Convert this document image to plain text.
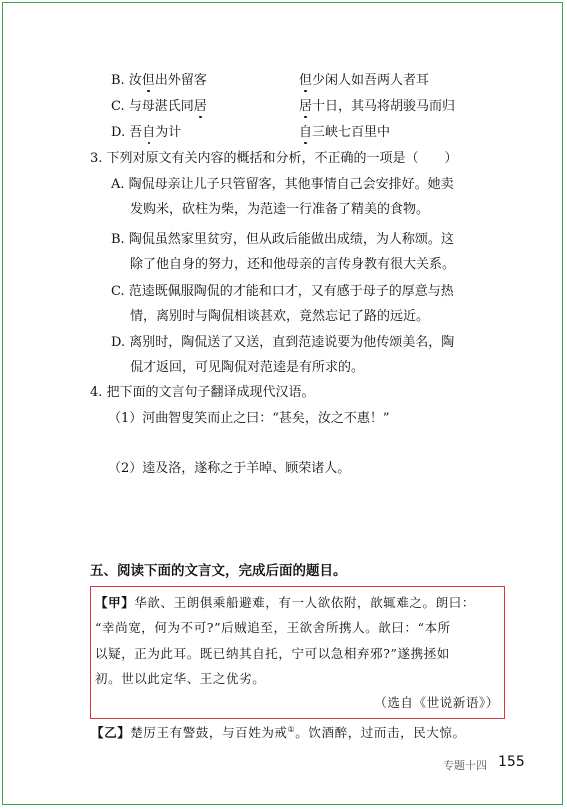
B. 汝但出外留客	但少闲人如吾两人者耳
C. 与母湛氏同居	居十日，其马将胡骏马而归
D. 吾自为计	自三峡七百里中
3. 下列对原文有关内容的概括和分析，不正确的一项是（　　）
A. 陶侃母亲让儿子只管留客，其他事情自己会安排好。她卖
发购米，砍柱为柴，为范逵一行准备了精美的食物。
B. 陶侃虽然家里贫穷，但从政后能做出成绩，为人称颂。这
除了他自身的努力，还和他母亲的言传身教有很大关系。
C. 范逵既佩服陶侃的才能和口才，又有感于母子的厚意与热
情，离别时与陶侃相谈甚欢，竟然忘记了路的远近。
D. 离别时，陶侃送了又送，直到范逵说要为他传颂美名，陶
侃才返回，可见陶侃对范逵是有所求的。
4. 把下面的文言句子翻译成现代汉语。
（1）河曲智叟笑而止之曰：“甚矣，汝之不惠！”
（2）逵及洛，遂称之于羊晫、顾荣诸人。
五、阅读下面的文言文，完成后面的题目。
【甲】华歆、王朗俱乘船避难，有一人欲依附，歆辄难之。朗曰：
“幸尚宽，何为不可?”后贼追至，王欲舍所携人。歆曰：“本所
以疑，正为此耳。既已纳其自托，宁可以急相弃邪?”遂携拯如
初。世以此定华、王之优劣。
（选自《世说新语》）
【乙】楚厉王有警鼓，与百姓为戒①。饮酒醉，过而击，民大惊。
专题十四 155
